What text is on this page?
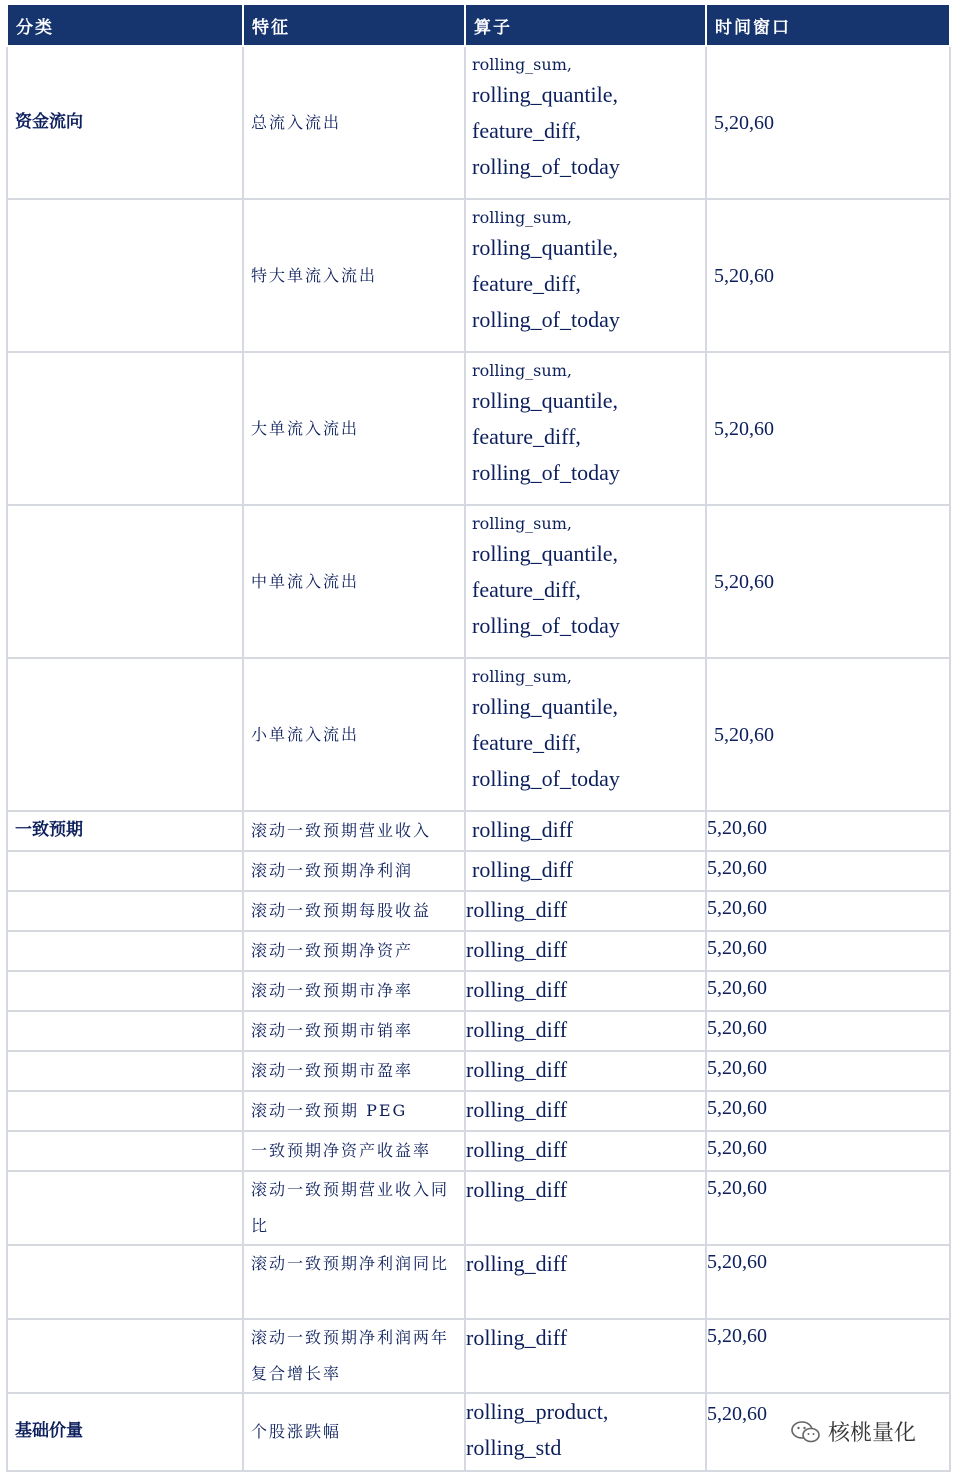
分类	特征	算子	时间窗口
资金流向	总流入流出	rolling_sum,
rolling_quantile,
feature_diff,
rolling_of_today	5,20,60
	特大单流入流出	rolling_sum,
rolling_quantile,
feature_diff,
rolling_of_today	5,20,60
	大单流入流出	rolling_sum,
rolling_quantile,
feature_diff,
rolling_of_today	5,20,60
	中单流入流出	rolling_sum,
rolling_quantile,
feature_diff,
rolling_of_today	5,20,60
	小单流入流出	rolling_sum,
rolling_quantile,
feature_diff,
rolling_of_today	5,20,60
一致预期	滚动一致预期营业收入	rolling_diff	5,20,60
	滚动一致预期净利润	rolling_diff	5,20,60
	滚动一致预期每股收益	rolling_diff	5,20,60
	滚动一致预期净资产	rolling_diff	5,20,60
	滚动一致预期市净率	rolling_diff	5,20,60
	滚动一致预期市销率	rolling_diff	5,20,60
	滚动一致预期市盈率	rolling_diff	5,20,60
	滚动一致预期 PEG	rolling_diff	5,20,60
	一致预期净资产收益率	rolling_diff	5,20,60
	滚动一致预期营业收入同比	rolling_diff	5,20,60
	滚动一致预期净利润同比	rolling_diff	5,20,60
	滚动一致预期净利润两年复合增长率	rolling_diff	5,20,60
基础价量	个股涨跌幅	rolling_product,
rolling_std	5,20,60
核桃量化
